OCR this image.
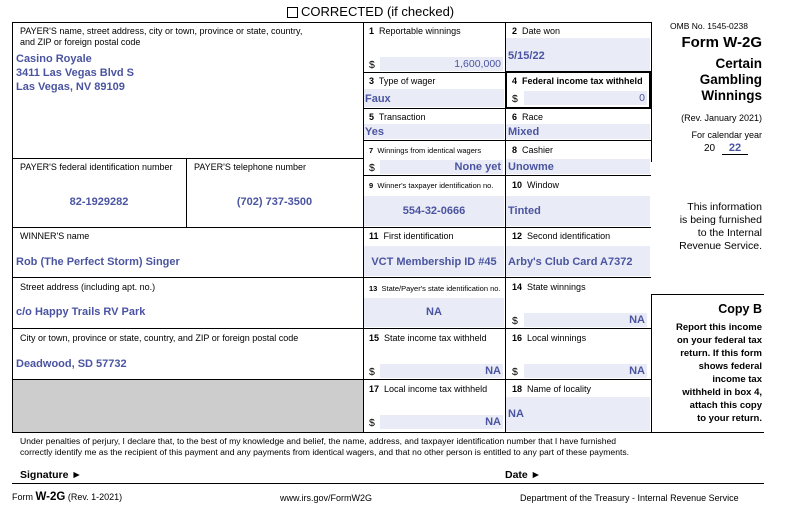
CORRECTED (if checked)
OMB No. 1545-0238
Form W-2G
Certain
Gambling
Winnings
(Rev. January 2021)
For calendar year
20	22
PAYER'S name, street address, city or town, province or state, country,
and ZIP or foreign postal code
Casino Royale
3411 Las Vegas Blvd S
Las Vegas, NV 89109
PAYER'S federal identification number
82-1929282
PAYER'S telephone number
(702) 737-3500
WINNER'S name
Rob (The Perfect Storm) Singer
Street address (including apt. no.)
c/o Happy Trails RV Park
City or town, province or state, country, and ZIP or foreign postal code
Deadwood, SD 57732
1 Reportable winnings
$	1,600,000
2 Date won
5/15/22
3 Type of wager
Faux
4 Federal income tax withheld
$	0
5 Transaction
Yes
6 Race
Mixed
7 Winnings from identical wagers
$	None yet
8 Cashier
Unowme
9 Winner's taxpayer identification no.
554-32-0666
10 Window
Tinted
11 First identification
VCT Membership ID #45
12 Second identification
Arby's Club Card A7372
13 State/Payer's state identification no.
NA
14 State winnings
$	NA
15 State income tax withheld
$	NA
16 Local winnings
$	NA
17 Local income tax withheld
$	NA
18 Name of locality
NA
This information
is being furnished
to the Internal
Revenue Service.
Copy B
Report this income
on your federal tax
return. If this form
shows federal
income tax
withheld in box 4,
attach this copy
to your return.
Under penalties of perjury, I declare that, to the best of my knowledge and belief, the name, address, and taxpayer identification number that I have furnished
correctly identify me as the recipient of this payment and any payments from identical wagers, and that no other person is entitled to any part of these payments.
Signature ►	Date ►
Form W-2G (Rev. 1-2021)	www.irs.gov/FormW2G	Department of the Treasury - Internal Revenue Service
